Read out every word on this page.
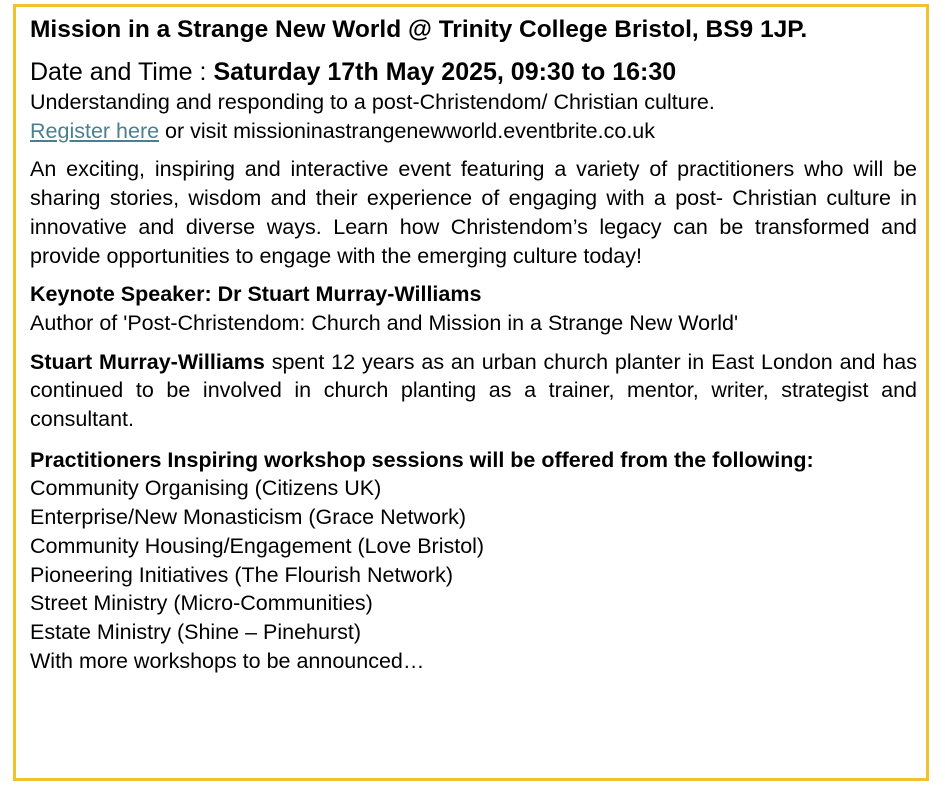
Mission in a Strange New World @ Trinity College Bristol, BS9 1JP.
Date and Time : Saturday 17th May 2025, 09:30 to 16:30

Understanding and responding to a post-Christendom/ Christian culture.
Register here or visit missioninastrangenewworld.eventbrite.co.uk

An exciting, inspiring and interactive event featuring a variety of practitioners who will be sharing stories, wisdom and their experience of engaging with a post- Christian culture in innovative and diverse ways. Learn how Christendom’s legacy can be transformed and provide opportunities to engage with the emerging culture today!

Keynote Speaker: Dr Stuart Murray-Williams
Author of 'Post-Christendom: Church and Mission in a Strange New World'

Stuart Murray-Williams spent 12 years as an urban church planter in East London and has continued to be involved in church planting as a trainer, mentor, writer, strategist and consultant.

Practitioners Inspiring workshop sessions will be offered from the following:

Community Organising (Citizens UK)
Enterprise/New Monasticism (Grace Network)
Community Housing/Engagement (Love Bristol)
Pioneering Initiatives (The Flourish Network)
Street Ministry (Micro-Communities)
Estate Ministry (Shine – Pinehurst)
With more workshops to be announced…
